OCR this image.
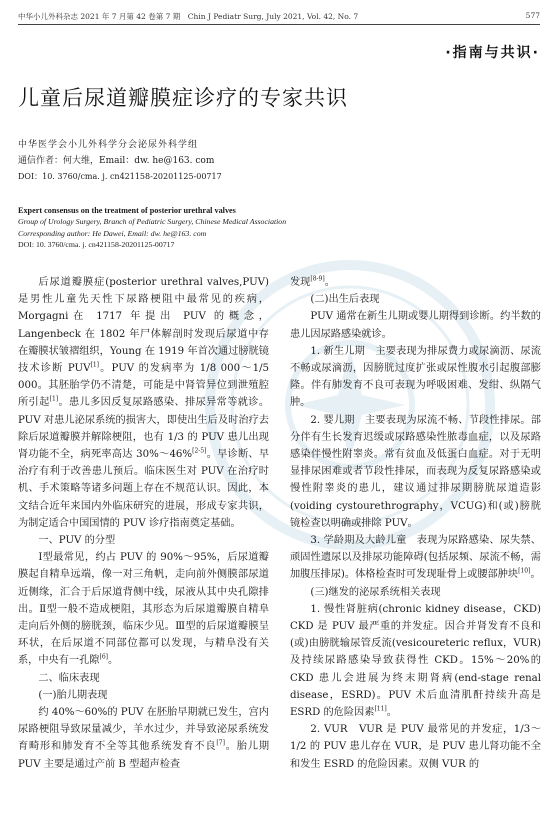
中华小儿外科杂志 2021 年 7 月第 42 卷第 7 期　Chin J Pediatr Surg, July 2021, Vol. 42, No. 7	577
·指南与共识·
儿童后尿道瓣膜症诊疗的专家共识
中华医学会小儿外科学分会泌尿外科学组
通信作者：何大维，Email：dw. he@163. com
DOI：10. 3760/cma. j. cn421158-20201125-00717
Expert consensus on the treatment of posterior urethral valves
Group of Urology Surgery, Branch of Pediatric Surgery, Chinese Medical Association
Corresponding author: He Dawei, Email: dw. he@163. com
DOI: 10. 3760/cma. j. cn421158-20201125-00717

后尿道瓣膜症(posterior urethral valves,PUV)是男性儿童先天性下尿路梗阻中最常见的疾病，Morgagni在 1717 年提出 PUV 的概念，Langenbeck 在 1802 年尸体解剖时发现后尿道中存在瓣膜状皱褶组织，Young 在 1919 年首次通过膀胱镜技术诊断 PUV[1]。PUV 的发病率为 1/8 000～1/5 000。其胚胎学仍不清楚，可能是中肾管异位到泄殖腔所引起[1]。患儿多因反复尿路感染、排尿异常等就诊。PUV 对患儿泌尿系统的损害大，即使出生后及时治疗去除后尿道瓣膜并解除梗阻，也有 1/3 的 PUV 患儿出现肾功能不全，病死率高达 30%～46%[2-5]。早诊断、早治疗有利于改善患儿预后。临床医生对 PUV 在治疗时机、手术策略等诸多问题上存在不规范认识。因此，本文结合近年来国内外临床研究的进展，形成专家共识，为制定适合中国国情的 PUV 诊疗指南奠定基础。

一、PUV 的分型

Ⅰ型最常见，约占 PUV 的 90%～95%，后尿道瓣膜起自精阜远端，像一对三角帆，走向前外侧膜部尿道近侧缘，汇合于后尿道背侧中线，尿液从其中央孔隙排出。Ⅱ型一般不造成梗阻，其形态为后尿道瓣膜自精阜走向后外侧的膀胱颈，临床少见。Ⅲ型的后尿道瓣膜呈环状，在后尿道不同部位都可以发现，与精阜没有关系，中央有一孔隙[6]。

二、临床表现

(一)胎儿期表现

约 40%～60%的 PUV 在胚胎早期就已发生，宫内尿路梗阻导致尿量减少，羊水过少，并导致泌尿系统发育畸形和肺发育不全等其他系统发育不良[7]。胎儿期 PUV 主要是通过产前 B 型超声检查

发现[8-9]。

(二)出生后表现

PUV 通常在新生儿期或婴儿期得到诊断。约半数的患儿因尿路感染就诊。

1. 新生儿期　主要表现为排尿费力或尿滴沥、尿流不畅或尿滴沥，因膀胱过度扩张或尿性腹水引起腹部膨隆。伴有肺发育不良可表现为呼吸困难、发绀、纵隔气肿。

2. 婴儿期　主要表现为尿流不畅、节段性排尿。部分伴有生长发育迟缓或尿路感染性脓毒血症，以及尿路感染伴慢性附睾炎。常有贫血及低蛋白血症。对于无明显排尿困难或者节段性排尿，而表现为反复尿路感染或慢性附睾炎的患儿，建议通过排尿期膀胱尿道造影(voiding cystourethrography，VCUG)和(或)膀胱镜检查以明确或排除 PUV。

3. 学龄期及大龄儿童　表现为尿路感染、尿失禁、顽固性遗尿以及排尿功能障碍(包括尿频、尿流不畅，需加腹压排尿)。体格检查时可发现耻骨上或腰部肿块[10]。

(三)继发的泌尿系统相关表现

1. 慢性肾脏病(chronic kidney disease，CKD)　CKD 是 PUV 最严重的并发症。因合并肾发育不良和(或)由膀胱输尿管反流(vesicoureteric reflux，VUR)及持续尿路感染导致获得性 CKD。15%～20%的 CKD 患儿会进展为终末期肾病(end-stage renal disease，ESRD)。PUV 术后血清肌酐持续升高是 ESRD 的危险因素[11]。

2. VUR　VUR 是 PUV 最常见的并发症，1/3～1/2 的 PUV 患儿存在 VUR，是 PUV 患儿肾功能不全和发生 ESRD 的危险因素。双侧 VUR 的
